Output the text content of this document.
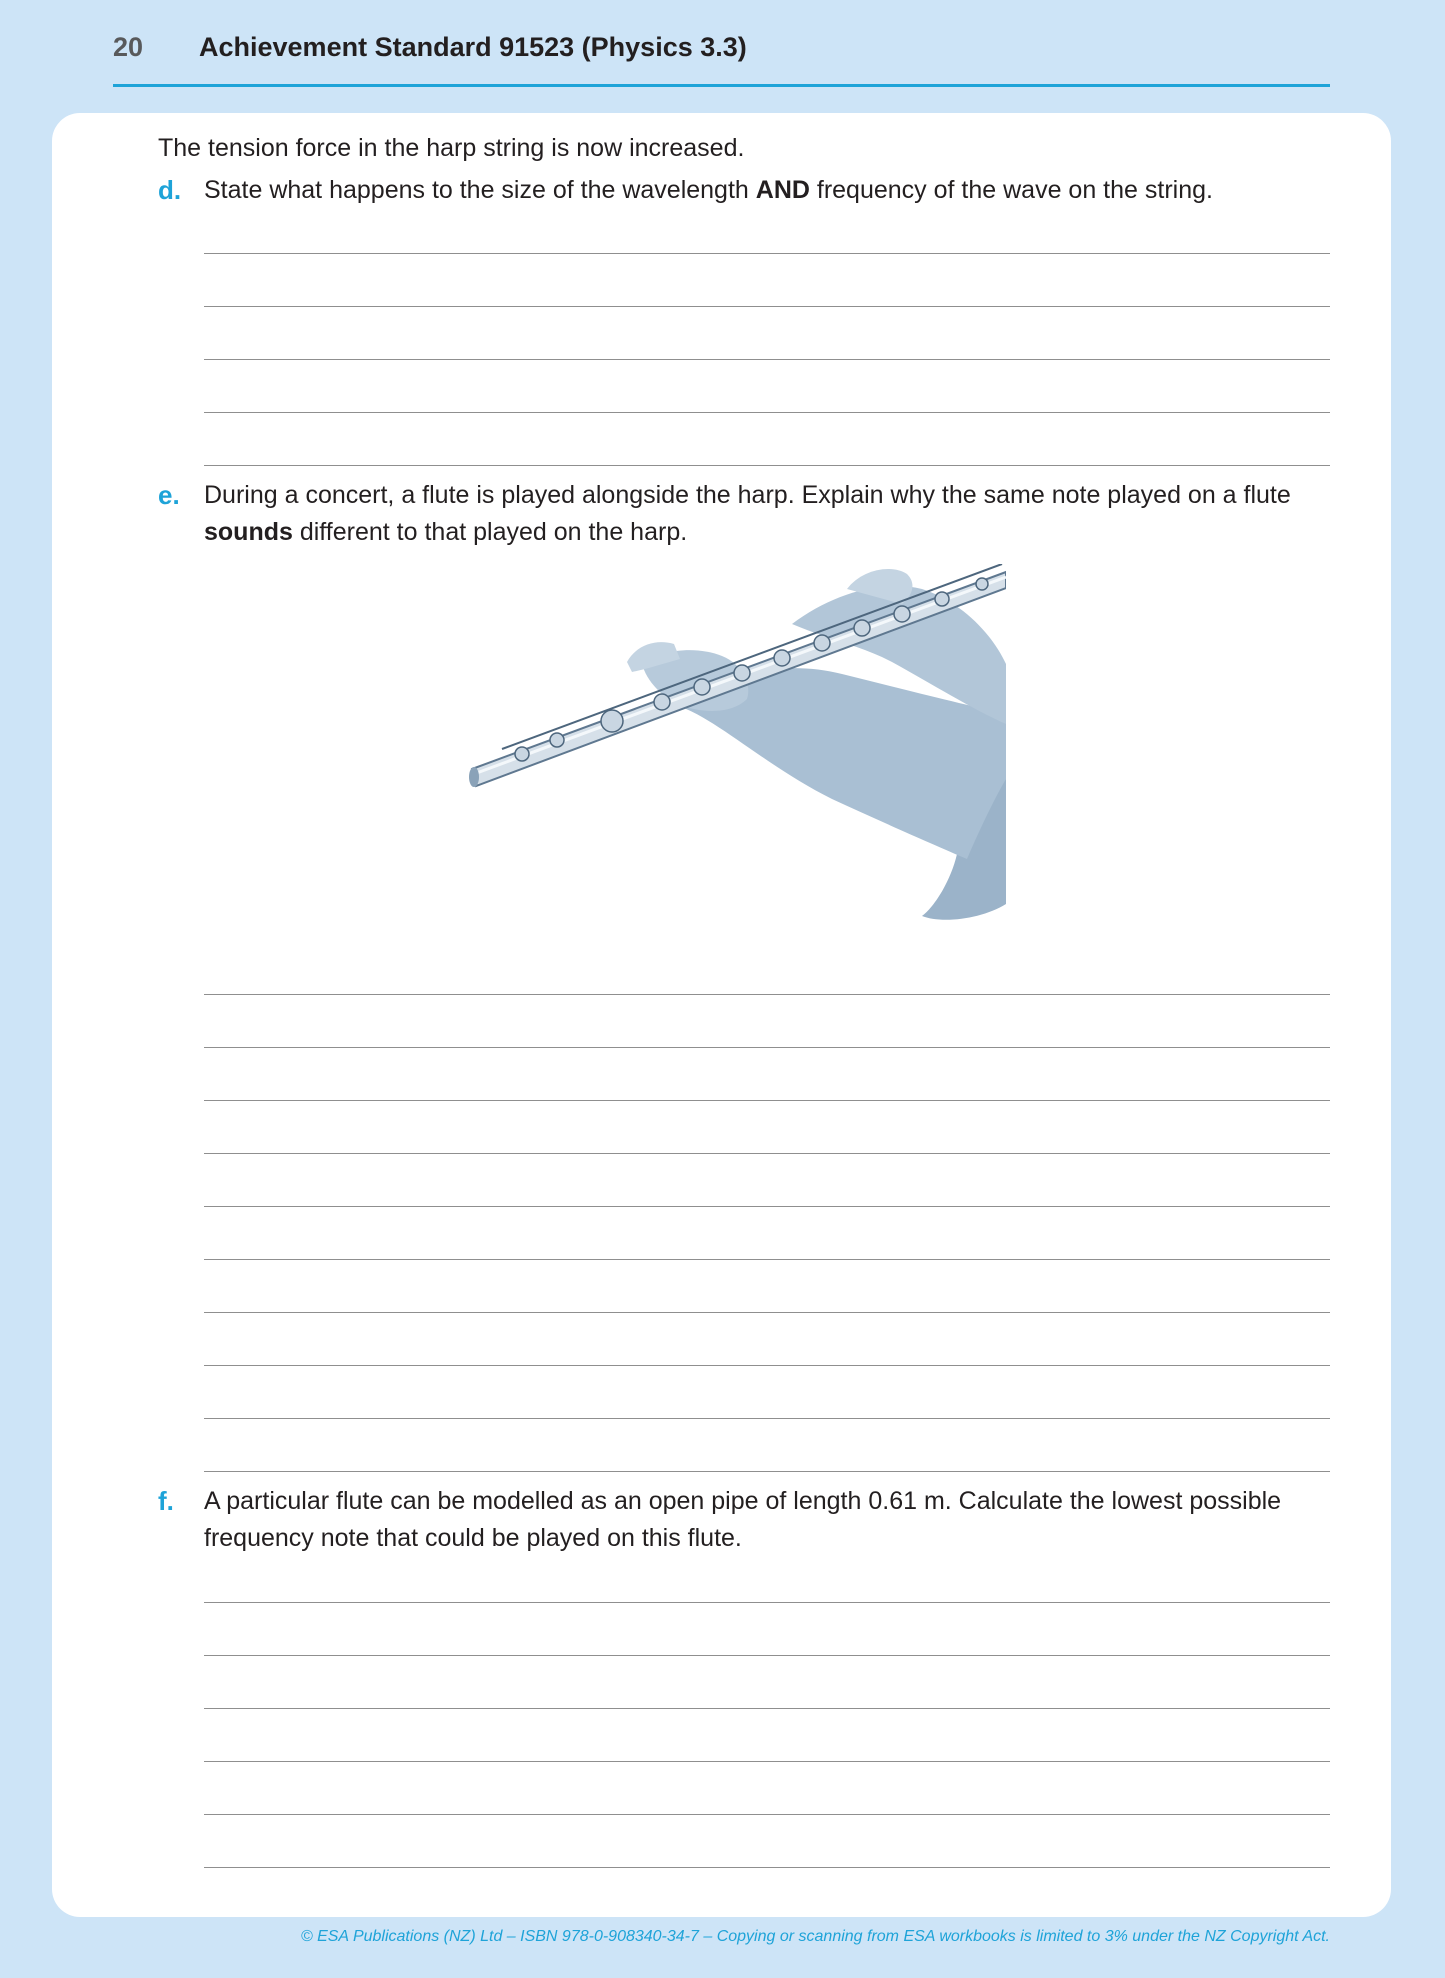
20 Achievement Standard 91523 (Physics 3.3)
The tension force in the harp string is now increased.
d. State what happens to the size of the wavelength AND frequency of the wave on the string.
e. During a concert, a flute is played alongside the harp. Explain why the same note played on a flute
sounds different to that played on the harp.
f. A particular flute can be modelled as an open pipe of length 0.61 m. Calculate the lowest possible
frequency note that could be played on this flute.
© ESA Publications (NZ) Ltd – ISBN 978-0-908340-34-7 – Copying or scanning from ESA workbooks is limited to 3% under the NZ Copyright Act.
